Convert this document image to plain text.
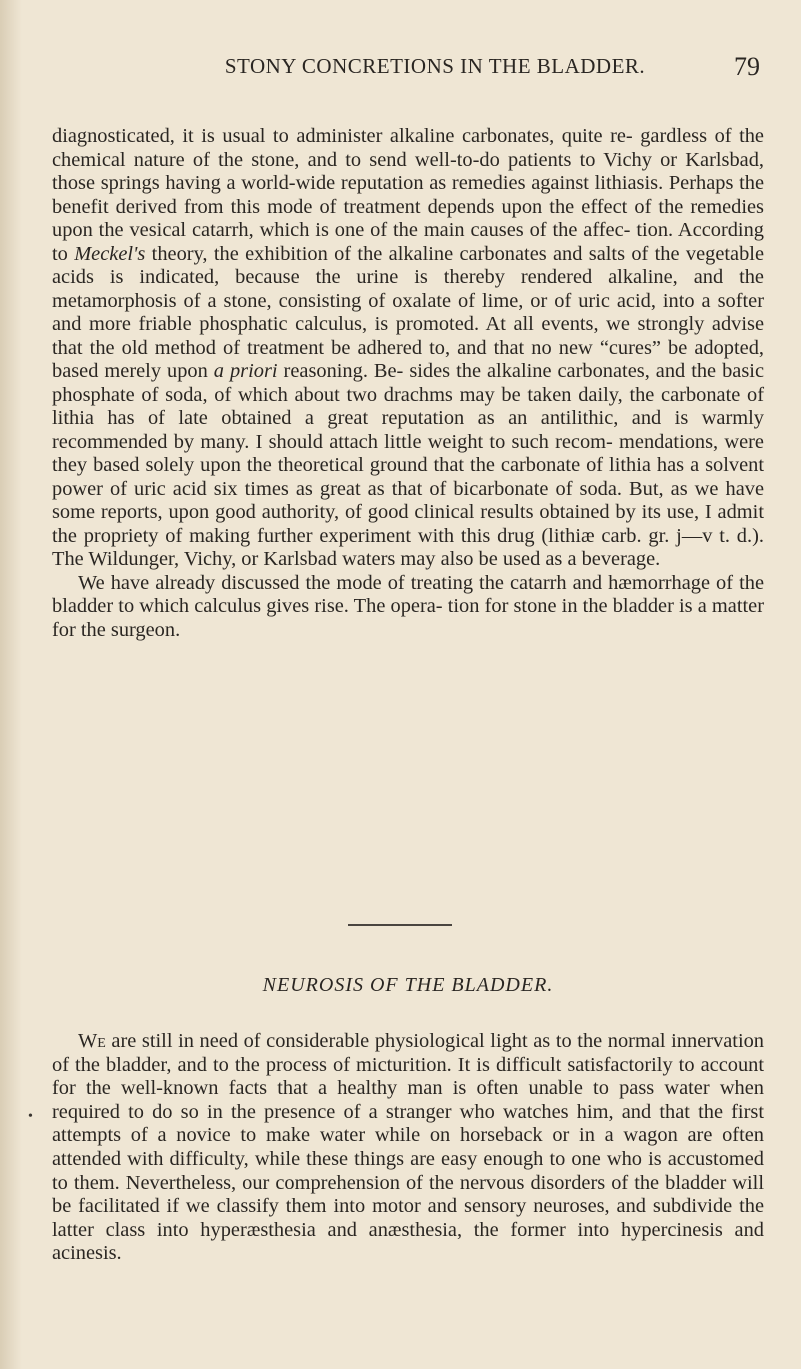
STONY CONCRETIONS IN THE BLADDER.	79

diagnosticated, it is usual to administer alkaline carbonates, quite re- gardless of the chemical nature of the stone, and to send well-to-do patients to Vichy or Karlsbad, those springs having a world-wide reputation as remedies against lithiasis. Perhaps the benefit derived from this mode of treatment depends upon the effect of the remedies upon the vesical catarrh, which is one of the main causes of the affec- tion. According to Meckel's theory, the exhibition of the alkaline carbonates and salts of the vegetable acids is indicated, because the urine is thereby rendered alkaline, and the metamorphosis of a stone, consisting of oxalate of lime, or of uric acid, into a softer and more friable phosphatic calculus, is promoted. At all events, we strongly advise that the old method of treatment be adhered to, and that no new “cures” be adopted, based merely upon a priori reasoning. Be- sides the alkaline carbonates, and the basic phosphate of soda, of which about two drachms may be taken daily, the carbonate of lithia has of late obtained a great reputation as an antilithic, and is warmly recommended by many. I should attach little weight to such recom- mendations, were they based solely upon the theoretical ground that the carbonate of lithia has a solvent power of uric acid six times as great as that of bicarbonate of soda. But, as we have some reports, upon good authority, of good clinical results obtained by its use, I admit the propriety of making further experiment with this drug (lithiæ carb. gr. j—v t. d.). The Wildunger, Vichy, or Karlsbad waters may also be used as a beverage.

We have already discussed the mode of treating the catarrh and hæmorrhage of the bladder to which calculus gives rise. The opera- tion for stone in the bladder is a matter for the surgeon.

NEUROSIS OF THE BLADDER.

We are still in need of considerable physiological light as to the normal innervation of the bladder, and to the process of micturition. It is difficult satisfactorily to account for the well-known facts that a healthy man is often unable to pass water when required to do so in the presence of a stranger who watches him, and that the first attempts of a novice to make water while on horseback or in a wagon are often attended with difficulty, while these things are easy enough to one who is accustomed to them. Nevertheless, our comprehension of the nervous disorders of the bladder will be facilitated if we classify them into motor and sensory neuroses, and subdivide the latter class into hyperæsthesia and anæsthesia, the former into hypercinesis and acinesis.

•
